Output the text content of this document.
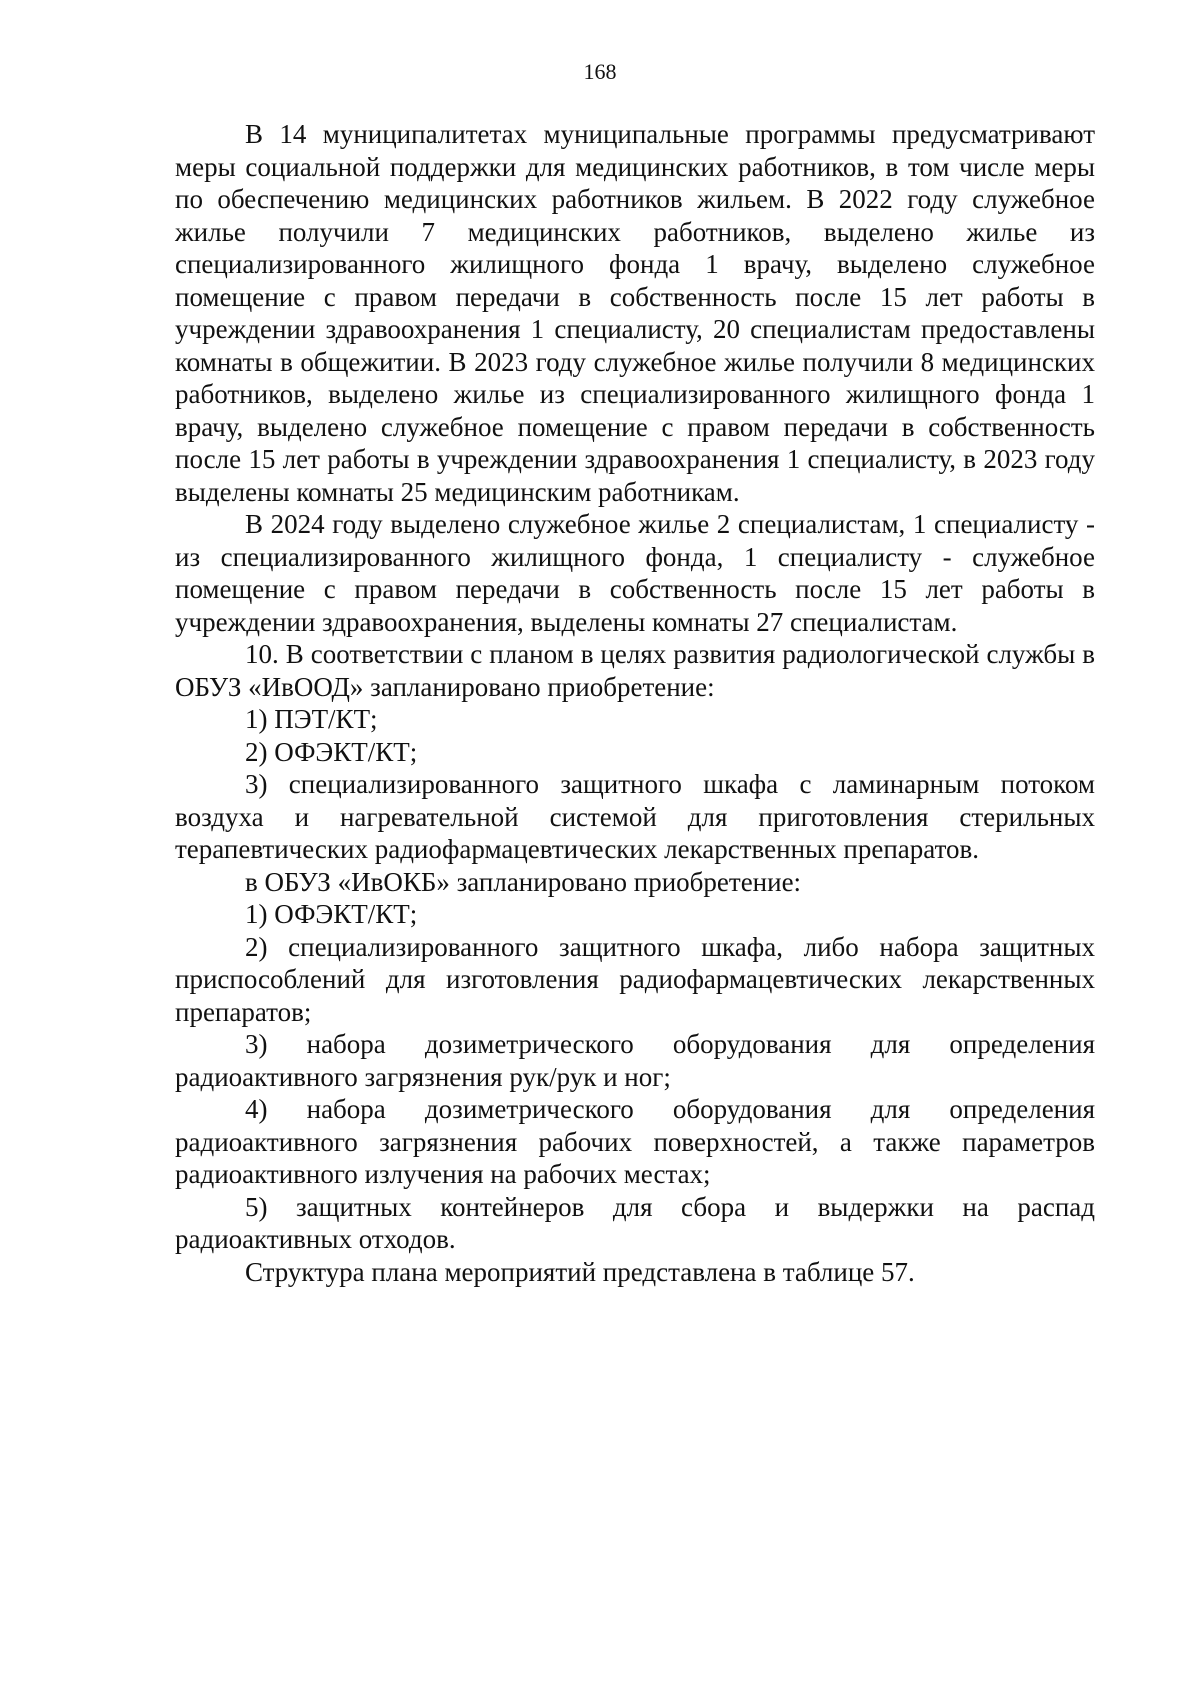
168

В 14 муниципалитетах муниципальные программы предусматривают меры социальной поддержки для медицинских работников, в том числе меры по обеспечению медицинских работников жильем. В 2022 году служебное жилье получили 7 медицинских работников, выделено жилье из специализированного жилищного фонда 1 врачу, выделено служебное помещение с правом передачи в собственность после 15 лет работы в учреждении здравоохранения 1 специалисту, 20 специалистам предоставлены комнаты в общежитии. В 2023 году служебное жилье получили 8 медицинских работников, выделено жилье из специализированного жилищного фонда 1 врачу, выделено служебное помещение с правом передачи в собственность после 15 лет работы в учреждении здравоохранения 1 специалисту, в 2023 году выделены комнаты 25 медицинским работникам.

В 2024 году выделено служебное жилье 2 специалистам, 1 специалисту - из специализированного жилищного фонда, 1 специалисту - служебное помещение с правом передачи в собственность после 15 лет работы в учреждении здравоохранения, выделены комнаты 27 специалистам.

10. В соответствии с планом в целях развития радиологической службы в ОБУЗ «ИвООД» запланировано приобретение:

1) ПЭТ/КТ;

2) ОФЭКТ/КТ;

3) специализированного защитного шкафа с ламинарным потоком воздуха и нагревательной системой для приготовления стерильных терапевтических радиофармацевтических лекарственных препаратов.

в ОБУЗ «ИвОКБ» запланировано приобретение:

1) ОФЭКТ/КТ;

2) специализированного защитного шкафа, либо набора защитных приспособлений для изготовления радиофармацевтических лекарственных препаратов;

3) набора дозиметрического оборудования для определения радиоактивного загрязнения рук/рук и ног;

4) набора дозиметрического оборудования для определения радиоактивного загрязнения рабочих поверхностей, а также параметров радиоактивного излучения на рабочих местах;

5) защитных контейнеров для сбора и выдержки на распад радиоактивных отходов.

Структура плана мероприятий представлена в таблице 57.
